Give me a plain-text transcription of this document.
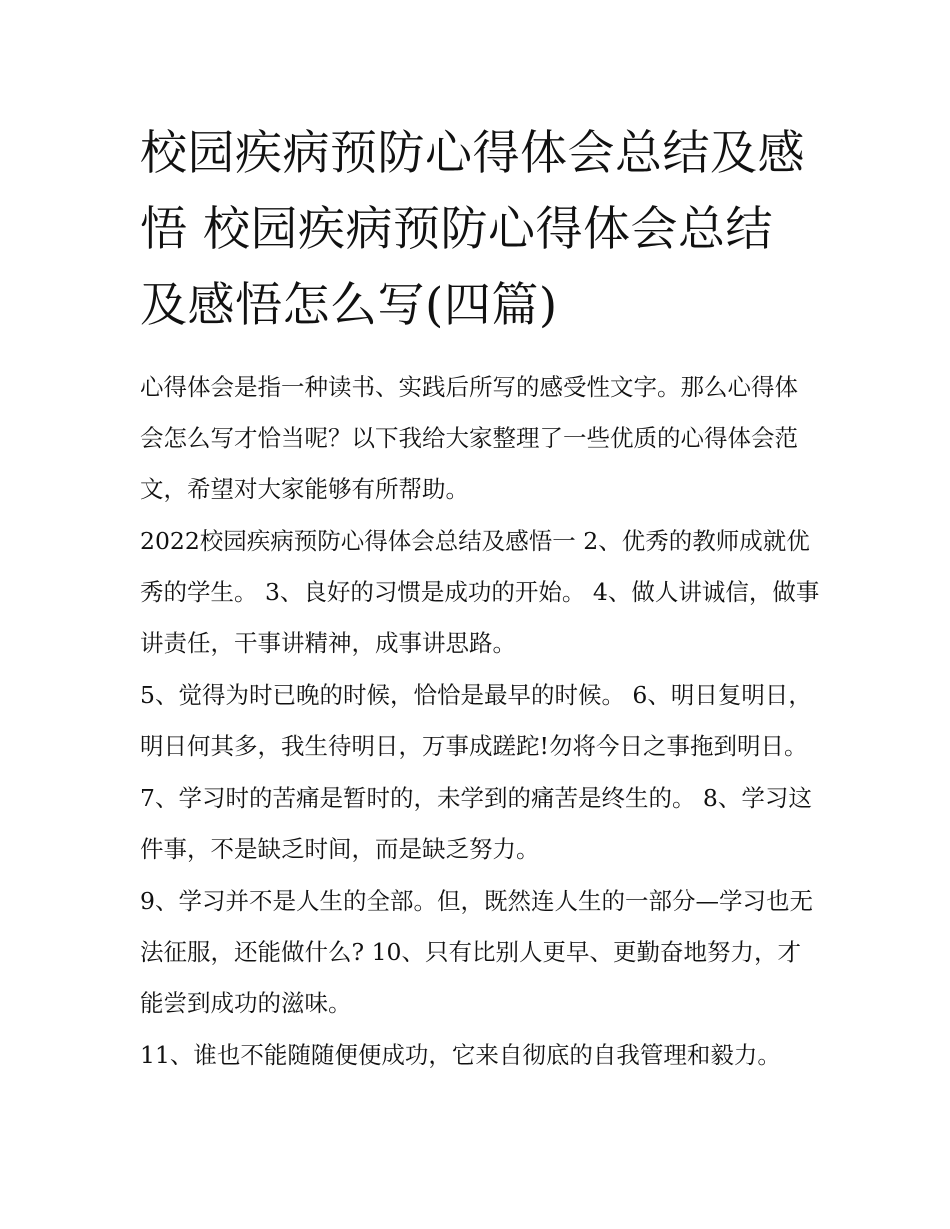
校园疾病预防心得体会总结及感悟 校园疾病预防心得体会总结及感悟怎么写(四篇)

心得体会是指一种读书、实践后所写的感受性文字。那么心得体会怎么写才恰当呢？以下我给大家整理了一些优质的心得体会范文，希望对大家能够有所帮助。

2022校园疾病预防心得体会总结及感悟一 2、优秀的教师成就优秀的学生。 3、良好的习惯是成功的开始。 4、做人讲诚信，做事讲责任，干事讲精神，成事讲思路。

5、觉得为时已晚的时候，恰恰是最早的时候。 6、明日复明日，明日何其多，我生待明日，万事成蹉跎!勿将今日之事拖到明日。

7、学习时的苦痛是暂时的，未学到的痛苦是终生的。 8、学习这件事，不是缺乏时间，而是缺乏努力。

9、学习并不是人生的全部。但，既然连人生的一部分—学习也无法征服，还能做什么? 10、只有比别人更早、更勤奋地努力，才能尝到成功的滋味。

11、谁也不能随随便便成功，它来自彻底的自我管理和毅力。
